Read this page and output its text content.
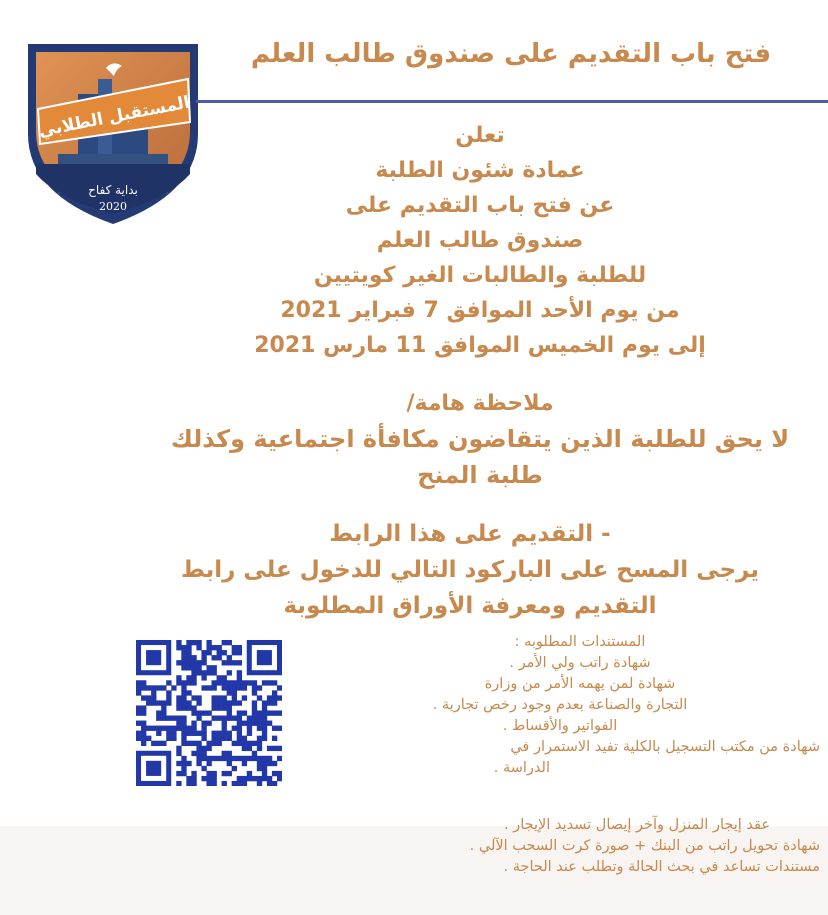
المستقبل الطلابي
بداية كفاح
2020
فتح باب التقديم على صندوق طالب العلم
تعلن
عمادة شئون الطلبة
عن فتح باب التقديم على
صندوق طالب العلم
للطلبة والطالبات الغير كويتيين
من يوم الأحد الموافق 7 فبراير 2021
إلى يوم الخميس الموافق 11 مارس 2021
ملاحظة هامة/
لا يحق للطلبة الذين يتقاضون مكافأة اجتماعية وكذلك
طلبة المنح
- التقديم على هذا الرابط
يرجى المسح على الباركود التالي للدخول على رابط
التقديم ومعرفة الأوراق المطلوبة
المستندات المطلوبه :
شهادة راتب ولي الأمر .
شهادة لمن يهمه الأمر من وزارة
التجارة والصناعة بعدم وجود رخص تجارية .
الفواتير والأقساط .
شهادة من مكتب التسجيل بالكلية تفيد الاستمرار في
الدراسة .
عقد إيجار المنزل وآخر إيصال تسديد الإيجار .
شهادة تحويل راتب من البنك + صورة كرت السحب الآلي .
مستندات تساعد في بحث الحالة وتطلب عند الحاجة .
